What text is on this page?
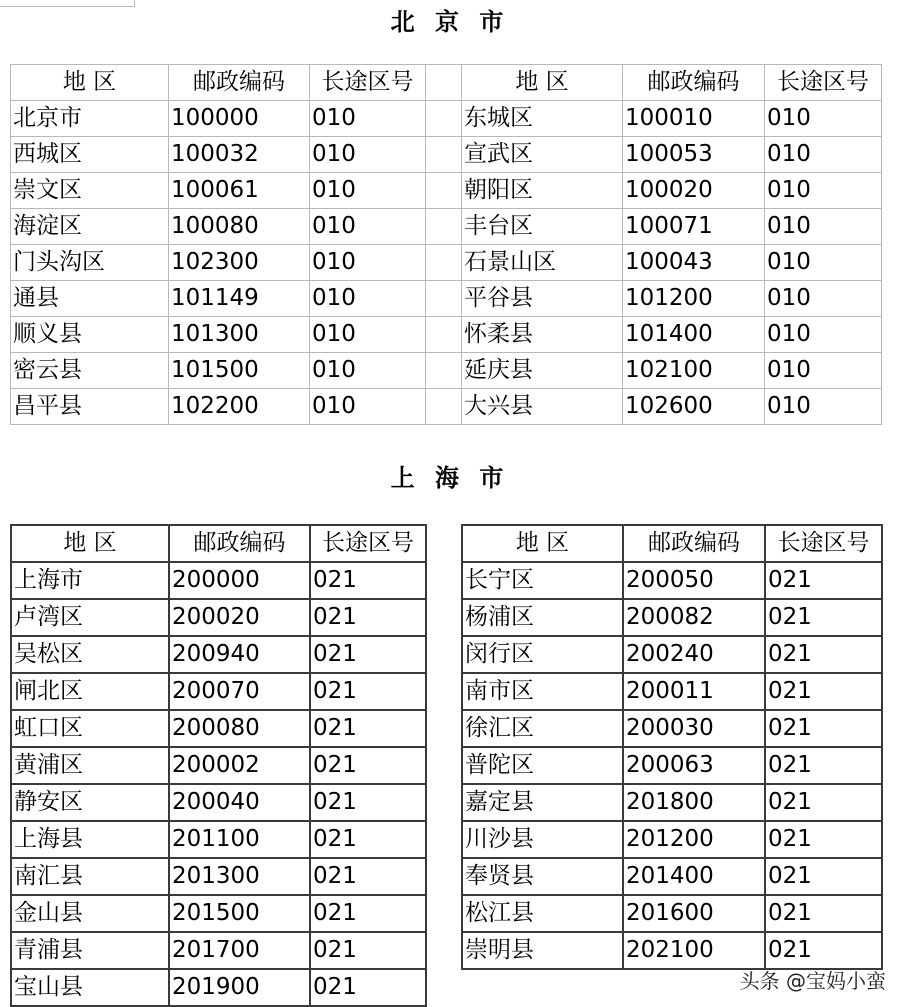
北 京 市
地 区	邮政编码	长途区号		地 区	邮政编码	长途区号
北京市	100000	010		东城区	100010	010
西城区	100032	010		宣武区	100053	010
崇文区	100061	010		朝阳区	100020	010
海淀区	100080	010		丰台区	100071	010
门头沟区	102300	010		石景山区	100043	010
通县	101149	010		平谷县	101200	010
顺义县	101300	010		怀柔县	101400	010
密云县	101500	010		延庆县	102100	010
昌平县	102200	010		大兴县	102600	010
上 海 市
地 区	邮政编码	长途区号		地 区	邮政编码	长途区号
上海市	200000	021		长宁区	200050	021
卢湾区	200020	021		杨浦区	200082	021
吴松区	200940	021		闵行区	200240	021
闸北区	200070	021		南市区	200011	021
虹口区	200080	021		徐汇区	200030	021
黄浦区	200002	021		普陀区	200063	021
静安区	200040	021		嘉定县	201800	021
上海县	201100	021		川沙县	201200	021
南汇县	201300	021		奉贤县	201400	021
金山县	201500	021		松江县	201600	021
青浦县	201700	021		崇明县	202100	021
宝山县	201900	021					头条 @宝妈小蛮
